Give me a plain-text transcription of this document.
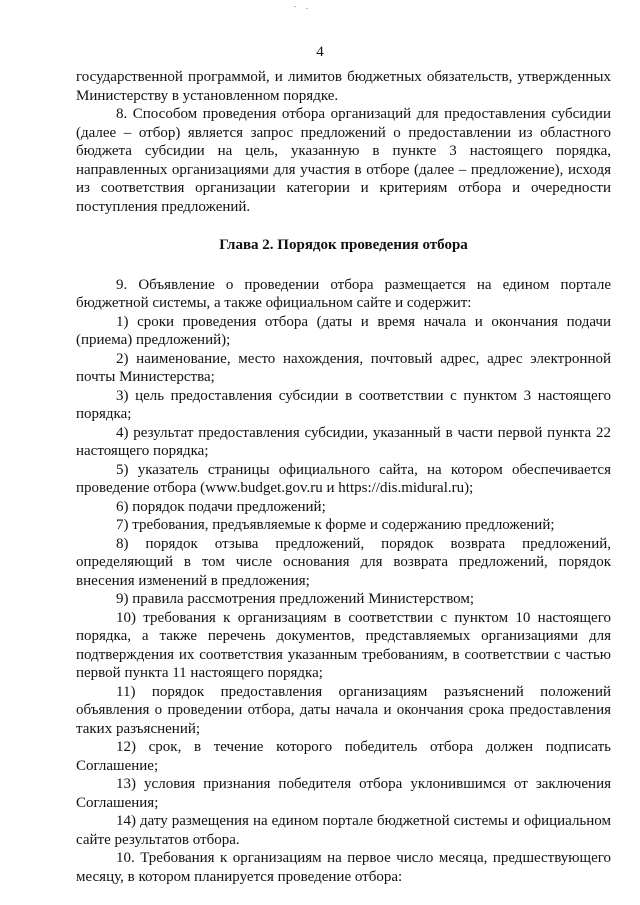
4

государственной программой, и лимитов бюджетных обязательств, утвержденных Министерству в установленном порядке.

8. Способом проведения отбора организаций для предоставления субсидии (далее – отбор) является запрос предложений о предоставлении из областного бюджета субсидии на цель, указанную в пункте 3 настоящего порядка, направленных организациями для участия в отборе (далее – предложение), исходя из соответствия организации категории и критериям отбора и очередности поступления предложений.

Глава 2. Порядок проведения отбора

9. Объявление о проведении отбора размещается на едином портале бюджетной системы, а также официальном сайте и содержит:

1) сроки проведения отбора (даты и время начала и окончания подачи (приема) предложений);

2) наименование, место нахождения, почтовый адрес, адрес электронной почты Министерства;

3) цель предоставления субсидии в соответствии с пунктом 3 настоящего порядка;

4) результат предоставления субсидии, указанный в части первой пункта 22 настоящего порядка;

5) указатель страницы официального сайта, на котором обеспечивается проведение отбора (www.budget.gov.ru и https://dis.midural.ru);

6) порядок подачи предложений;

7) требования, предъявляемые к форме и содержанию предложений;

8) порядок отзыва предложений, порядок возврата предложений, определяющий в том числе основания для возврата предложений, порядок внесения изменений в предложения;

9) правила рассмотрения предложений Министерством;

10) требования к организациям в соответствии с пунктом 10 настоящего порядка, а также перечень документов, представляемых организациями для подтверждения их соответствия указанным требованиям, в соответствии с частью первой пункта 11 настоящего порядка;

11) порядок предоставления организациям разъяснений положений объявления о проведении отбора, даты начала и окончания срока предоставления таких разъяснений;

12) срок, в течение которого победитель отбора должен подписать Соглашение;

13) условия признания победителя отбора уклонившимся от заключения Соглашения;

14) дату размещения на едином портале бюджетной системы и официальном сайте результатов отбора.

10. Требования к организациям на первое число месяца, предшествующего месяцу, в котором планируется проведение отбора:
